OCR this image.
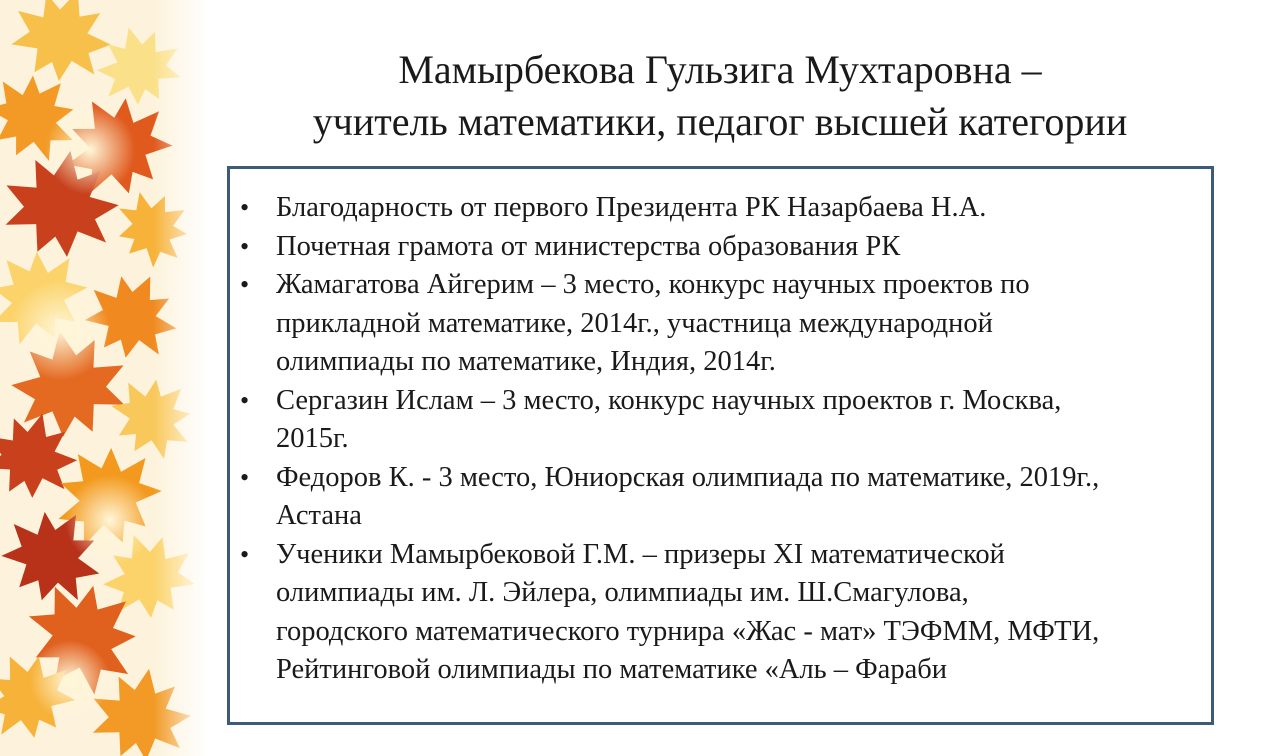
Мамырбекова Гульзига Мухтаровна –
учитель математики, педагог высшей категории
• Благодарность от первого Президента РК Назарбаева Н.А.
• Почетная грамота от министерства образования РК
• Жамагатова Айгерим – 3 место, конкурс научных проектов по
прикладной математике, 2014г., участница международной
олимпиады по математике, Индия, 2014г.
• Сергазин Ислам – 3 место, конкурс научных проектов г. Москва,
2015г.
• Федоров К. - 3 место, Юниорская олимпиада по математике, 2019г.,
Астана
• Ученики Мамырбековой Г.М. – призеры XI математической
олимпиады им. Л. Эйлера, олимпиады им. Ш.Смагулова,
городского математического турнира «Жас - мат» ТЭФММ, МФТИ,
Рейтинговой олимпиады по математике «Аль – Фараби
